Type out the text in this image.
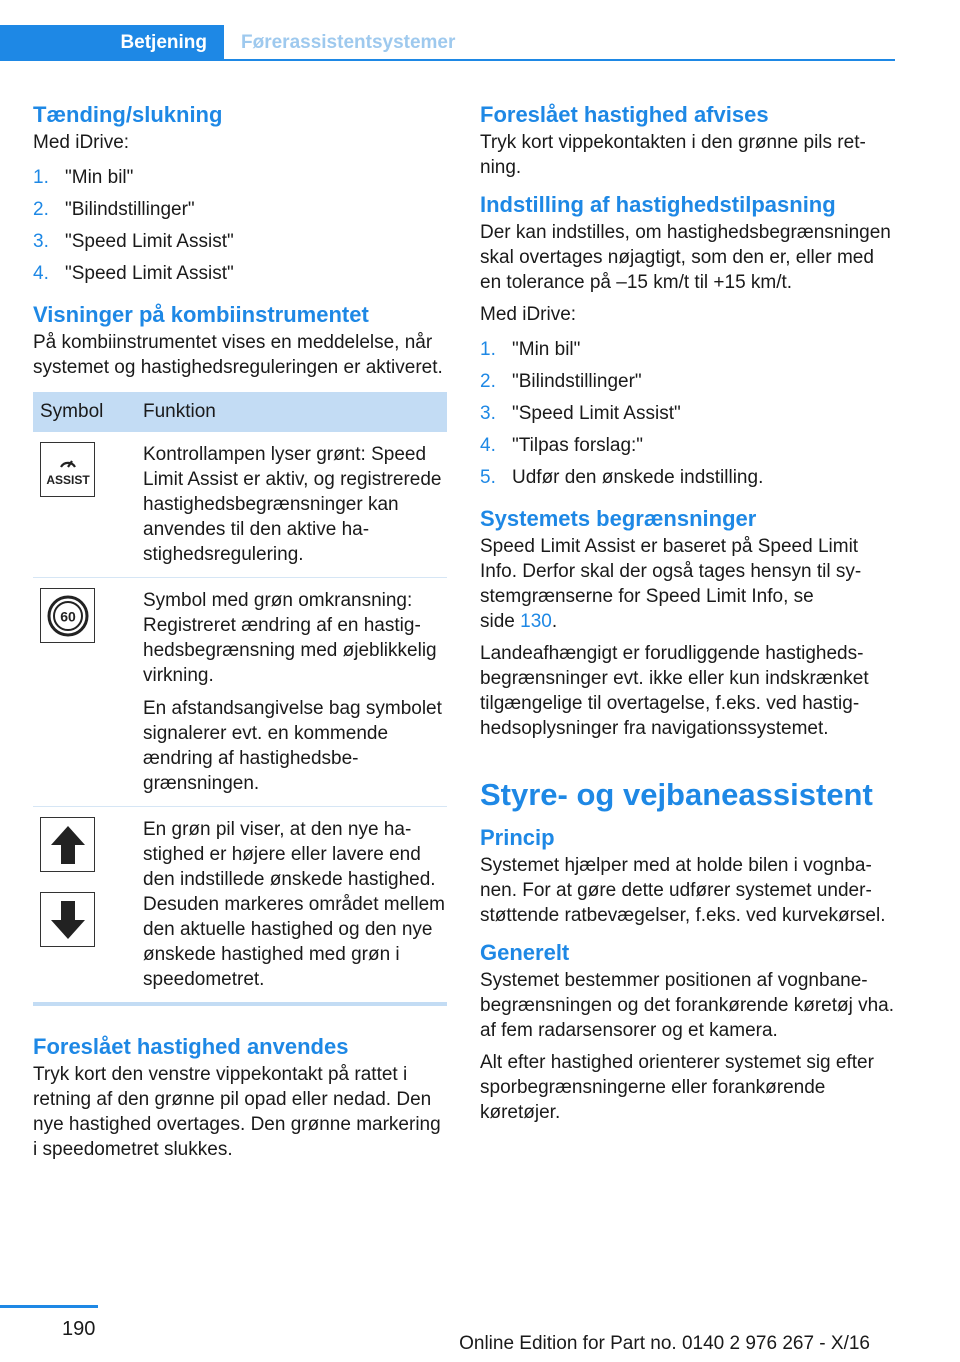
Betjening	Førerassistentsystemer
Tænding/slukning

Med iDrive:

1. "Min bil"
2. "Bilindstillinger"
3. "Speed Limit Assist"
4. "Speed Limit Assist"
Visninger på kombiinstrumentet

På kombiinstrumentet vises en meddelelse, når systemet og hastighedsreguleringen er aktiveret.

Symbol	Funktion
ASSIST

Kontrollampen lyser grønt: Speed Limit Assist er aktiv, og registrerede hastighedsbegrænsninger kan anvendes til den aktive hastighedsregulering.

60

Symbol med grøn omkransning: Registreret ændring af en hastighedsbegrænsning med øjeblikkelig virkning.

En afstandsangivelse bag symbolet signalerer evt. en kommende ændring af hastighedsbegrænsningen.

En grøn pil viser, at den nye hastighed er højere eller lavere end den indstillede ønskede hastighed. Desuden markeres området mellem den aktuelle hastighed og den nye ønskede hastighed med grøn i speedometret.

Foreslået hastighed anvendes

Tryk kort den venstre vippekontakt på rattet i retning af den grønne pil opad eller nedad. Den nye hastighed overtages. Den grønne markering i speedometret slukkes.

Foreslået hastighed afvises

Tryk kort vippekontakten i den grønne pils retning.

Indstilling af hastighedstilpasning

Der kan indstilles, om hastighedsbegrænsningen skal overtages nøjagtigt, som den er, eller med en tolerance på –15 km/t til +15 km/t.

Med iDrive:

1. "Min bil"
2. "Bilindstillinger"
3. "Speed Limit Assist"
4. "Tilpas forslag:"
5. Udfør den ønskede indstilling.
Systemets begrænsninger

Speed Limit Assist er baseret på Speed Limit Info. Derfor skal der også tages hensyn til systemgrænserne for Speed Limit Info, se side 130.

Landeafhængigt er forudliggende hastighedsbegrænsninger evt. ikke eller kun indskrænket tilgængelige til overtagelse, f.eks. ved hastighedsoplysninger fra navigationssystemet.

Styre- og vejbaneassistent
Princip

Systemet hjælper med at holde bilen i vognbanen. For at gøre dette udfører systemet understøttende ratbevægelser, f.eks. ved kurvekørsel.

Generelt

Systemet bestemmer positionen af vognbanebegrænsningen og det forankørende køretøj vha. af fem radarsensorer og et kamera.

Alt efter hastighed orienterer systemet sig efter sporbegrænsningerne eller forankørende køretøjer.

190
Online Edition for Part no. 0140 2 976 267 - X/16
